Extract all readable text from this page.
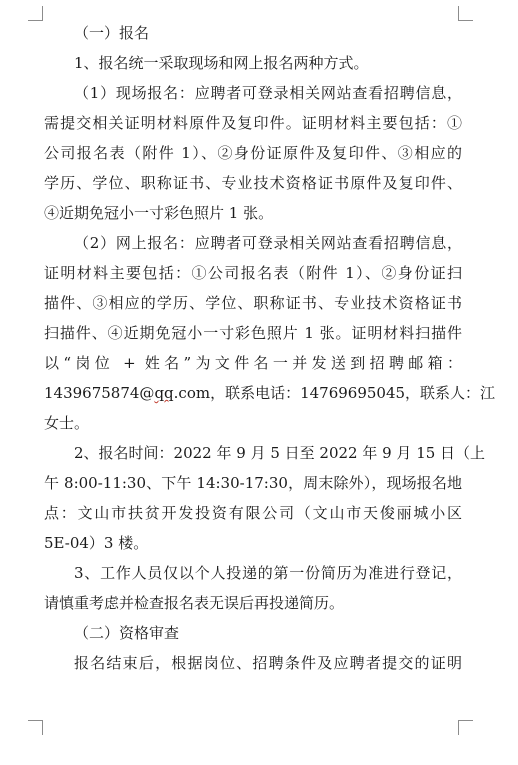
（一）报名
1、报名统一采取现场和网上报名两种方式。
（1）现场报名：应聘者可登录相关网站查看招聘信息，
需提交相关证明材料原件及复印件。证明材料主要包括：①
公司报名表（附件 1）、②身份证原件及复印件、③相应的
学历、学位、职称证书、专业技术资格证书原件及复印件、
④近期免冠小一寸彩色照片 1 张。
（2）网上报名：应聘者可登录相关网站查看招聘信息，
证明材料主要包括：①公司报名表（附件 1）、②身份证扫
描件、③相应的学历、学位、职称证书、专业技术资格证书
扫描件、④近期免冠小一寸彩色照片 1 张。证明材料扫描件
以“岗位 + 姓名”为文件名一并发送到招聘邮箱：
1439675874@qq.com，联系电话：14769695045，联系人：江
女士。
2、报名时间：2022 年 9 月 5 日至 2022 年 9 月 15 日（上
午 8:00-11:30、下午 14:30-17:30，周末除外），现场报名地
点：文山市扶贫开发投资有限公司（文山市天俊丽城小区
5E-04）3 楼。
3、工作人员仅以个人投递的第一份简历为准进行登记，
请慎重考虑并检查报名表无误后再投递简历。
（二）资格审查
报名结束后，根据岗位、招聘条件及应聘者提交的证明
